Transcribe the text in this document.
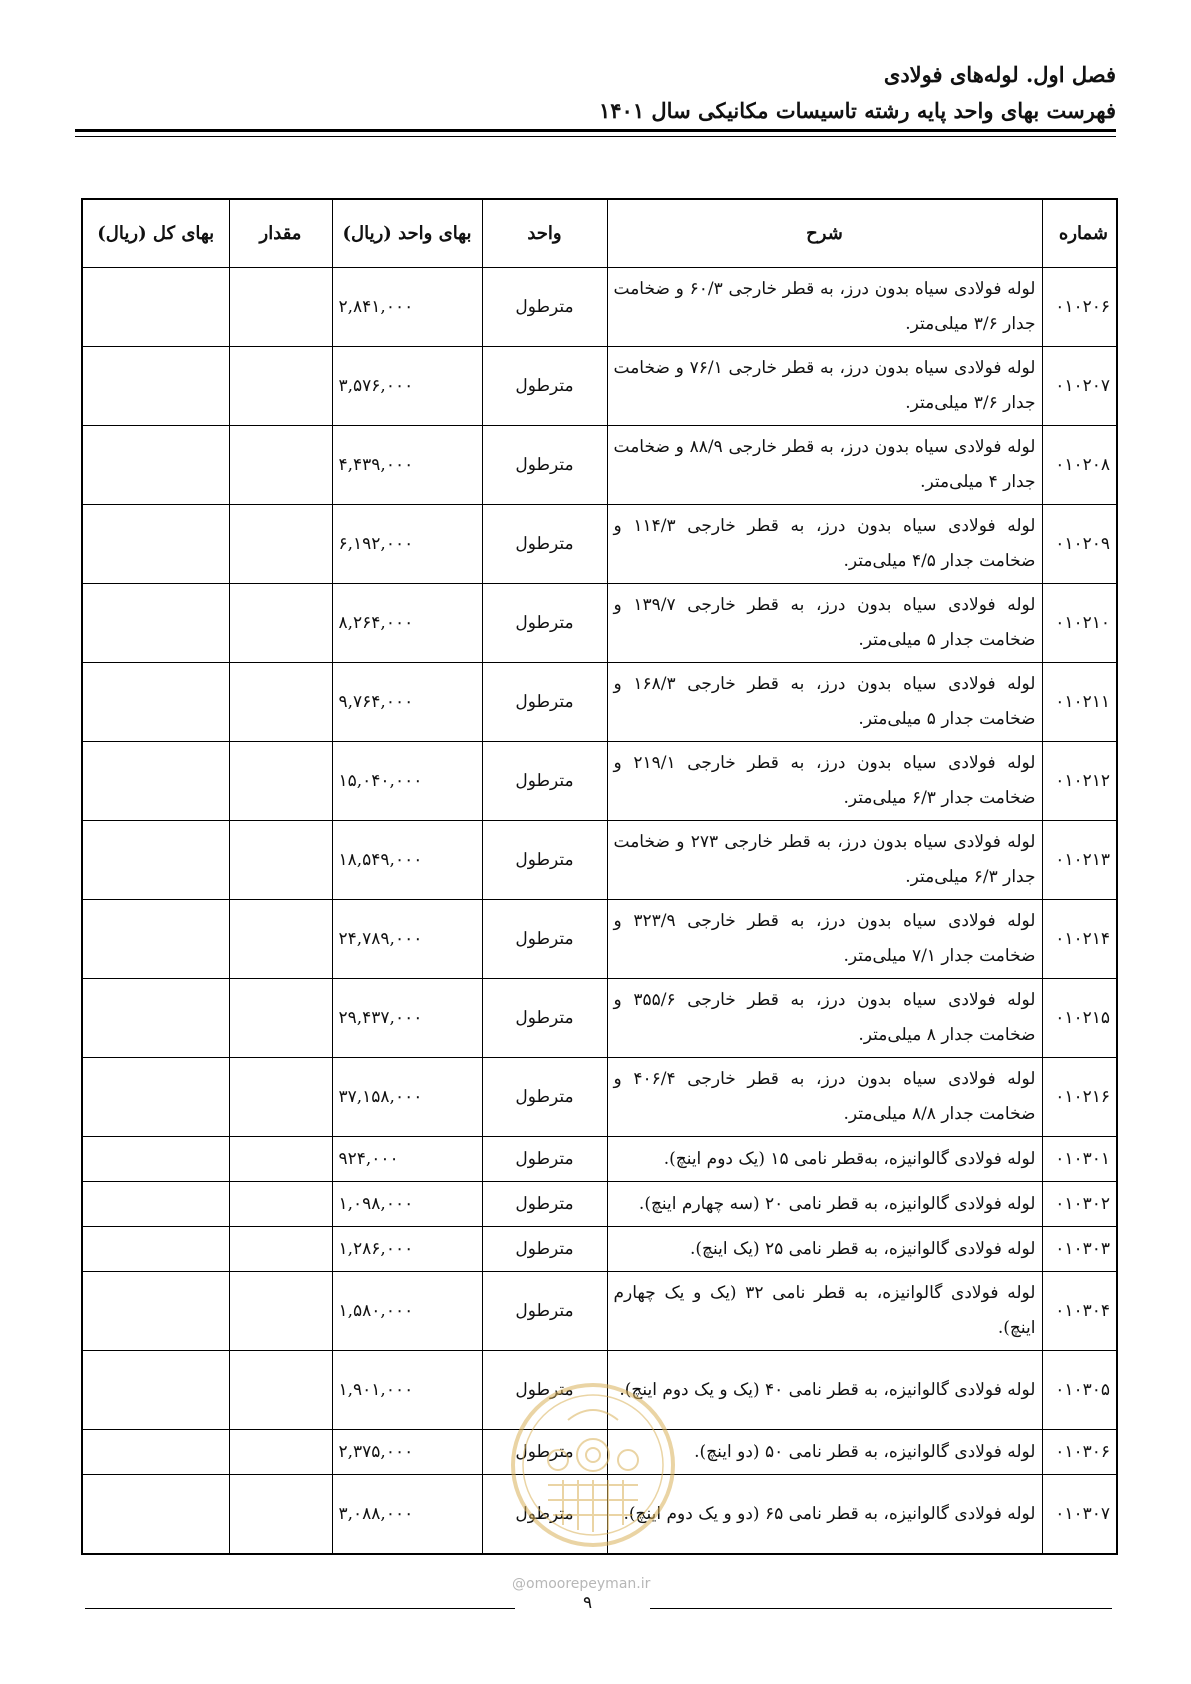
فصل اول. لوله‌های فولادی
فهرست بهای واحد پایه رشته تاسیسات مکانیکی سال ۱۴۰۱
شماره	شرح	واحد	بهای واحد (ریال)	مقدار	بهای کل (ریال)
۰۱۰۲۰۶	لوله فولادی سیاه بدون درز، به قطر خارجی ۶۰/۳ و ضخامت جدار ۳/۶ میلی‌متر.	مترطول	۲,۸۴۱,۰۰۰		
۰۱۰۲۰۷	لوله فولادی سیاه بدون درز، به قطر خارجی ۷۶/۱ و ضخامت جدار ۳/۶ میلی‌متر.	مترطول	۳,۵۷۶,۰۰۰		
۰۱۰۲۰۸	لوله فولادی سیاه بدون درز، به قطر خارجی ۸۸/۹ و ضخامت جدار ۴ میلی‌متر.	مترطول	۴,۴۳۹,۰۰۰		
۰۱۰۲۰۹	لوله فولادی سیاه بدون درز، به قطر خارجی ۱۱۴/۳ و ضخامت جدار ۴/۵ میلی‌متر.	مترطول	۶,۱۹۲,۰۰۰		
۰۱۰۲۱۰	لوله فولادی سیاه بدون درز، به قطر خارجی ۱۳۹/۷ و ضخامت جدار ۵ میلی‌متر.	مترطول	۸,۲۶۴,۰۰۰		
۰۱۰۲۱۱	لوله فولادی سیاه بدون درز، به قطر خارجی ۱۶۸/۳ و ضخامت جدار ۵ میلی‌متر.	مترطول	۹,۷۶۴,۰۰۰		
۰۱۰۲۱۲	لوله فولادی سیاه بدون درز، به قطر خارجی ۲۱۹/۱ و ضخامت جدار ۶/۳ میلی‌متر.	مترطول	۱۵,۰۴۰,۰۰۰		
۰۱۰۲۱۳	لوله فولادی سیاه بدون درز، به قطر خارجی ۲۷۳ و ضخامت جدار ۶/۳ میلی‌متر.	مترطول	۱۸,۵۴۹,۰۰۰		
۰۱۰۲۱۴	لوله فولادی سیاه بدون درز، به قطر خارجی ۳۲۳/۹ و ضخامت جدار ۷/۱ میلی‌متر.	مترطول	۲۴,۷۸۹,۰۰۰		
۰۱۰۲۱۵	لوله فولادی سیاه بدون درز، به قطر خارجی ۳۵۵/۶ و ضخامت جدار ۸ میلی‌متر.	مترطول	۲۹,۴۳۷,۰۰۰		
۰۱۰۲۱۶	لوله فولادی سیاه بدون درز، به قطر خارجی ۴۰۶/۴ و ضخامت جدار ۸/۸ میلی‌متر.	مترطول	۳۷,۱۵۸,۰۰۰		
۰۱۰۳۰۱	لوله فولادی گالوانیزه، به‌قطر نامی ۱۵ (یک دوم اینچ).	مترطول	۹۲۴,۰۰۰		
۰۱۰۳۰۲	لوله فولادی گالوانیزه، به قطر نامی ۲۰ (سه چهارم اینچ).	مترطول	۱,۰۹۸,۰۰۰		
۰۱۰۳۰۳	لوله فولادی گالوانیزه، به قطر نامی ۲۵ (یک اینچ).	مترطول	۱,۲۸۶,۰۰۰		
۰۱۰۳۰۴	لوله فولادی گالوانیزه، به قطر نامی ۳۲ (یک و یک چهارم اینچ).	مترطول	۱,۵۸۰,۰۰۰		
۰۱۰۳۰۵	لوله فولادی گالوانیزه، به قطر نامی ۴۰ (یک و یک دوم اینچ).	مترطول	۱,۹۰۱,۰۰۰		
۰۱۰۳۰۶	لوله فولادی گالوانیزه، به قطر نامی ۵۰ (دو اینچ).	مترطول	۲,۳۷۵,۰۰۰		
۰۱۰۳۰۷	لوله فولادی گالوانیزه، به قطر نامی ۶۵ (دو و یک دوم اینچ).	مترطول	۳,۰۸۸,۰۰۰		
@omoorepeyman.ir
۹
